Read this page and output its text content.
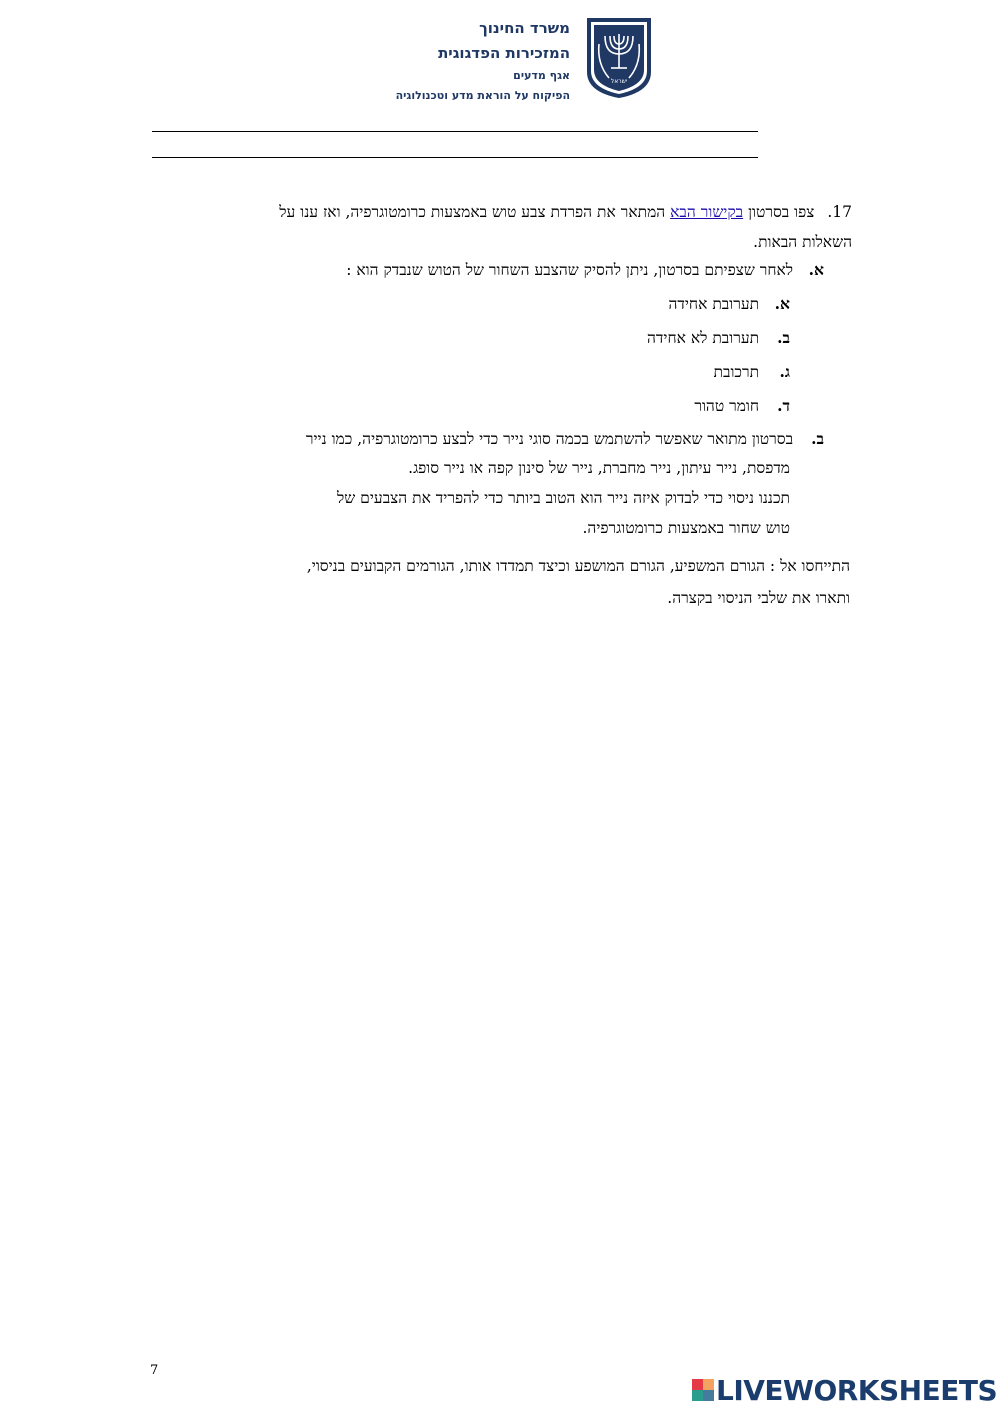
משרד החינוך
המזכירות הפדגוגית
אגף מדעים
הפיקוח על הוראת מדע וטכנולוגיה
ישראל
17. צפו בסרטון בקישור הבא המתאר את הפרדת צבע טוש באמצעות כרומטוגרפיה, ואז ענו על
השאלות הבאות.
א. לאחר שצפיתם בסרטון, ניתן להסיק שהצבע השחור של הטוש שנבדק הוא :
א. תערובת אחידה
ב. תערובת לא אחידה
ג. תרכובת
ד. חומר טהור
ב. בסרטון מתואר שאפשר להשתמש בכמה סוגי נייר כדי לבצע כרומטוגרפיה, כמו נייר
מדפסת, נייר עיתון, נייר מחברת, נייר של סינון קפה או נייר סופג.
תכננו ניסוי כדי לבדוק איזה נייר הוא הטוב ביותר כדי להפריד את הצבעים של
טוש שחור באמצעות כרומטוגרפיה.
התייחסו אל : הגורם המשפיע, הגורם המושפע וכיצד תמדדו אותו, הגורמים הקבועים בניסוי,
ותארו את שלבי הניסוי בקצרה.
7
LIVEWORKSHEETS
